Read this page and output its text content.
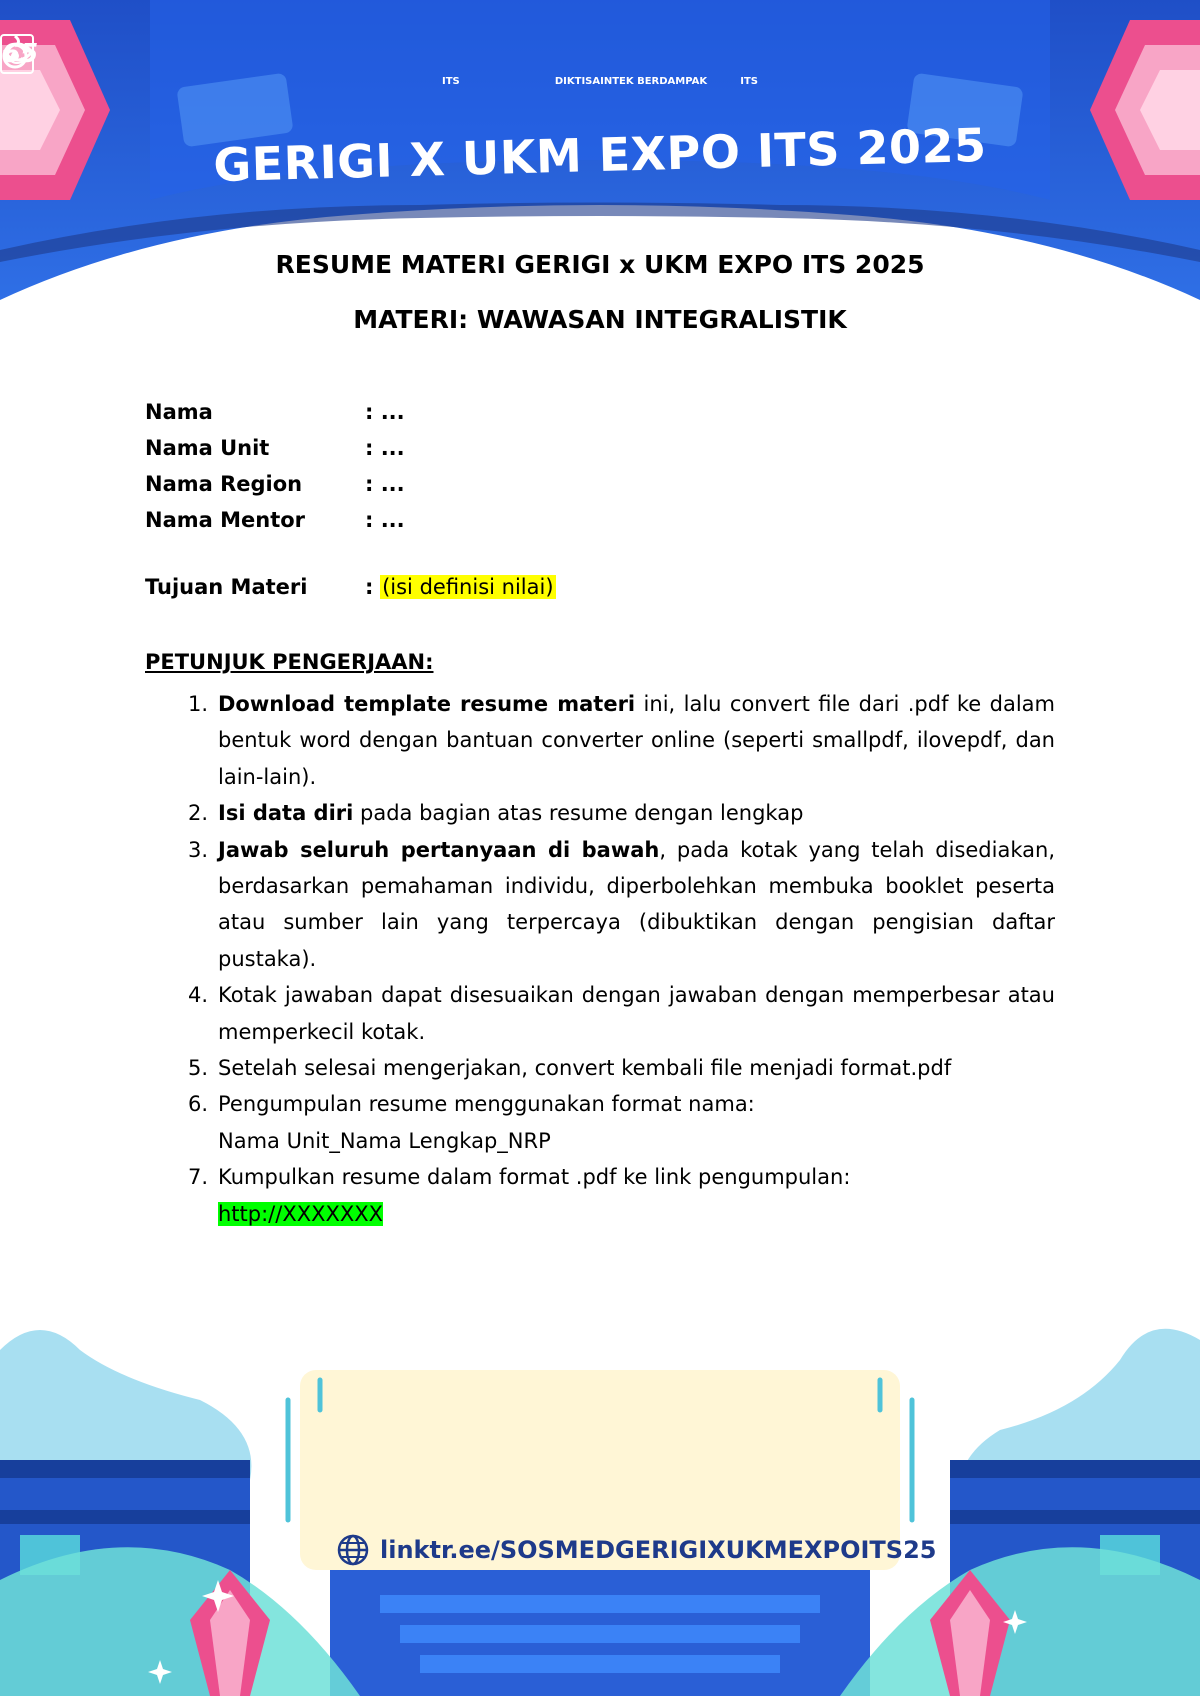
ITS	DIKTISAINTEK BERDAMPAK
65
ITS
GERIGI X UKM EXPO ITS 2025
RESUME MATERI GERIGI x UKM EXPO ITS 2025
MATERI: WAWASAN INTEGRALISTIK
Nama	: ...
Nama Unit	: ...
Nama Region	: ...
Nama Mentor	: ...
Tujuan Materi	:
(isi definisi nilai)
PETUNJUK PENGERJAAN:
1. Download template resume materi ini, lalu convert file dari .pdf ke dalam bentuk word dengan bantuan converter online (seperti smallpdf, ilovepdf, dan lain-lain).
2. Isi data diri pada bagian atas resume dengan lengkap
3. Jawab seluruh pertanyaan di bawah, pada kotak yang telah disediakan, berdasarkan pemahaman individu, diperbolehkan membuka booklet peserta atau sumber lain yang terpercaya (dibuktikan dengan pengisian daftar pustaka).
4. Kotak jawaban dapat disesuaikan dengan jawaban dengan memperbesar atau memperkecil kotak.
5. Setelah selesai mengerjakan, convert kembali file menjadi format.pdf
6. Pengumpulan resume menggunakan format nama:
Nama Unit_Nama Lengkap_NRP
7. Kumpulkan resume dalam format .pdf ke link pengumpulan:
http://XXXXXXX
linktr.ee/SOSMEDGERIGIXUKMEXPOITS25
